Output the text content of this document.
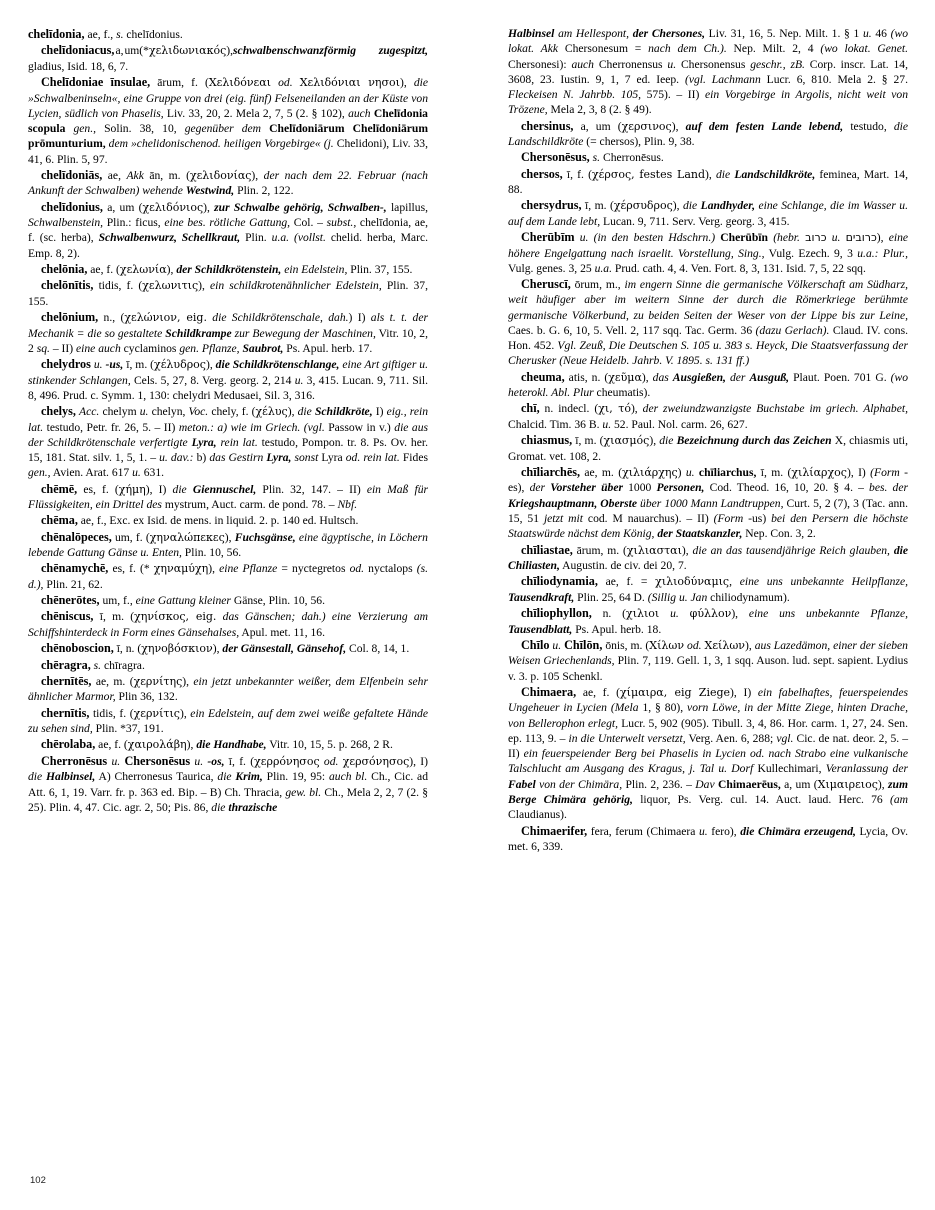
chelīdonia, ae, f., s. chelīdonius.

chelīdoniacus, a, um(*χελιδωνιακός),schwalbenschwanzförmig zugespitzt, gladius, Isid. 18, 6, 7.

Chelīdoniae īnsulae, ārum, f. (Χελιδόνεαι od. Χελιδόνιαι νησοι), die »Schwalbeninseln«, eine Gruppe von drei (eig. fünf) Felseneilanden an der Küste von Lycien, südlich von Phaselis, Liv. 33, 20, 2. Mela 2, 7, 5 (2. § 102), auch Chelīdonia scopula gen., Solin. 38, 10, gegenüber dem Chelīdoniārum Chelīdoniārum prōmunturium, dem »chelidonischenod. heiligen Vorgebirge« (j. Chelidoni), Liv. 33, 41, 6. Plin. 5, 97.

chelīdoniās, ae, Akk ān, m. (χελιδονίας), der nach dem 22. Februar (nach Ankunft der Schwalben) wehende Westwind, Plin. 2, 122.

chelīdonius, a, um (χελιδόνιος), zur Schwalbe gehörig, Schwalben-, lapillus, Schwalbenstein, Plin.: ficus, eine bes. rötliche Gattung, Col. – subst., chelīdonia, ae, f. (sc. herba), Schwalbenwurz, Schellkraut, Plin. u.a. (vollst. chelid. herba, Marc. Emp. 8, 2).

chelōnia, ae, f. (χελωνία), der Schildkrötenstein, ein Edelstein, Plin. 37, 155.

chelōnītis, tidis, f. (χελωνιτις), ein schildkrotenähnlicher Edelstein, Plin. 37, 155.

chelōnium, n., (χελώνιον, eig. die Schildkrötenschale, dah.) I) als t. t. der Mechanik = die so gestaltete Schildkrampe zur Bewegung der Maschinen, Vitr. 10, 2, 2 sq. – II) eine auch cyclaminos gen. Pflanze, Saubrot, Ps. Apul. herb. 17.

chelydros u. -us, ī, m. (χέλυδρος), die Schildkrötenschlange, eine Art giftiger u. stinkender Schlangen, Cels. 5, 27, 8. Verg. georg. 2, 214 u. 3, 415. Lucan. 9, 711. Sil. 8, 496. Prud. c. Symm. 1, 130: chelydri Medusaei, Sil. 3, 316.

chelys, Acc. chelym u. chelyn, Voc. chely, f. (χέλυς), die Schildkröte, I) eig., rein lat. testudo, Petr. fr. 26, 5. – II) meton.: a) wie im Griech. (vgl. Passow in v.) die aus der Schildkrötenschale verfertigte Lyra, rein lat. testudo, Pompon. tr. 8. Ps. Ov. her. 15, 181. Stat. silv. 1, 5, 1. – u. dav.: b) das Gestirn Lyra, sonst Lyra od. rein lat. Fides gen., Avien. Arat. 617 u. 631.

chēmē, es, f. (χήμη), I) die Giennuschel, Plin. 32, 147. – II) ein Maß für Flüssigkeiten, ein Drittel des mystrum, Auct. carm. de pond. 78. – Nbf.

chēma, ae, f., Exc. ex Isid. de mens. in liquid. 2. p. 140 ed. Hultsch.

chēnalōpeces, um, f. (χηναλώπεκες), Fuchsgänse, eine ägyptische, in Löchern lebende Gattung Gänse u. Enten, Plin. 10, 56.

chēnamychē, es, f. (* χηναμύχη), eine Pflanze = nyctegretos od. nyctalops (s. d.), Plin. 21, 62.

chēnerōtes, um, f., eine Gattung kleiner Gänse, Plin. 10, 56.

chēniscus, ī, m. (χηνίσκος, eig. das Gänschen; dah.) eine Verzierung am Schiffshinterdeck in Form eines Gänsehalses, Apul. met. 11, 16.

chēnoboscion, ī, n. (χηνοβόσκιον), der Gänsestall, Gänsehof, Col. 8, 14, 1.

chēragra, s. chīragra.

chernītēs, ae, m. (χερνίτης), ein jetzt unbekannter weißer, dem Elfenbein sehr ähnlicher Marmor, Plin 36, 132.

chernītis, tidis, f. (χερνίτις), ein Edelstein, auf dem zwei weiße gefaltete Hände zu sehen sind, Plin. *37, 191.

chērolaba, ae, f. (χαιρολάβη), die Handhabe, Vitr. 10, 15, 5. p. 268, 2 R.

Cherronēsus u. Chersonēsus u. -os, ī, f. (χερρόνησος od. χερσόνησος), I) die Halbinsel, A) Cherronesus Taurica, die Krim, Plin. 19, 95: auch bl. Ch., Cic. ad Att. 6, 1, 19. Varr. fr. p. 363 ed. Bip. – B) Ch. Thracia, gew. bl. Ch., Mela 2, 2, 7 (2. § 25). Plin. 4, 47. Cic. agr. 2, 50; Pis. 86, die thrazische

Halbinsel am Hellespont, der Chersones, Liv. 31, 16, 5. Nep. Milt. 1. § 1 u. 46 (wo lokat. Akk Chersonesum = nach dem Ch.). Nep. Milt. 2, 4 (wo lokat. Genet. Chersonesi): auch Cherronensus u. Chersonensus geschr., zB. Corp. inscr. Lat. 14, 3608, 23. Iustin. 9, 1, 7 ed. Ieep. (vgl. Lachmann Lucr. 6, 810. Mela 2. § 27. Fleckeisen N. Jahrbb. 105, 575). – II) ein Vorgebirge in Argolis, nicht weit von Trözene, Mela 2, 3, 8 (2. § 49).

chersinus, a, um (χερσινος), auf dem festen Lande lebend, testudo, die Landschildkröte (= chersos), Plin. 9, 38.

Chersonēsus, s. Cherronēsus.

chersos, ī, f. (χέρσος, festes Land), die Landschildkröte, feminea, Mart. 14, 88.

chersydrus, ī, m. (χέρσυδρος), die Landhyder, eine Schlange, die im Wasser u. auf dem Lande lebt, Lucan. 9, 711. Serv. Verg. georg. 3, 415.

Cherūbīm u. (in den besten Hdschrn.) Cherūbīn (hebr. כרוב u. כרובים), eine höhere Engelgattung nach israelit. Vorstellung, Sing., Vulg. Ezech. 9, 3 u.a.: Plur., Vulg. genes. 3, 25 u.a. Prud. cath. 4, 4. Ven. Fort. 8, 3, 131. Isid. 7, 5, 22 sqq.

Cheruscī, ōrum, m., im engern Sinne die germanische Völkerschaft am Südharz, weit häufiger aber im weitern Sinne der durch die Römerkriege berühmte germanische Völkerbund, zu beiden Seiten der Weser von der Lippe bis zur Leine, Caes. b. G. 6, 10, 5. Vell. 2, 117 sqq. Tac. Germ. 36 (dazu Gerlach). Claud. IV. cons. Hon. 452. Vgl. Zeuß, Die Deutschen S. 105 u. 383 s. Heyck, Die Staatsverfassung der Cherusker (Neue Heidelb. Jahrb. V. 1895. s. 131 ff.)

cheuma, atis, n. (χεῦμα), das Ausgießen, der Ausguß, Plaut. Poen. 701 G. (wo heterokl. Abl. Plur cheumatis).

chī, n. indecl. (χι, τό), der zweiundzwanzigste Buchstabe im griech. Alphabet, Chalcid. Tim. 36 B. u. 52. Paul. Nol. carm. 26, 627.

chiasmus, ī, m. (χιασμός), die Bezeichnung durch das Zeichen X, chiasmis uti, Gromat. vet. 108, 2.

chīliarchēs, ae, m. (χιλιάρχης) u. chīliarchus, ī, m. (χιλίαρχος), I) (Form -es), der Vorsteher über 1000 Personen, Cod. Theod. 16, 10, 20. § 4. – bes. der Kriegshauptmann, Oberste über 1000 Mann Landtruppen, Curt. 5, 2 (7), 3 (Tac. ann. 15, 51 jetzt mit cod. M nauarchus). – II) (Form -us) bei den Persern die höchste Staatswürde nächst dem König, der Staatskanzler, Nep. Con. 3, 2.

chīliastae, ārum, m. (χιλιασται), die an das tausendjährige Reich glauben, die Chiliasten, Augustin. de civ. dei 20, 7.

chīliodynamia, ae, f. = χιλιοδύναμις, eine uns unbekannte Heilpflanze, Tausendkraft, Plin. 25, 64 D. (Sillig u. Jan chiliodynamum).

chīliophyllon, n. (χιλιοι u. φύλλον), eine uns unbekannte Pflanze, Tausendblatt, Ps. Apul. herb. 18.

Chīlo u. Chīlōn, ōnis, m. (Χίλων od. Χείλων), aus Lazedämon, einer der sieben Weisen Griechenlands, Plin. 7, 119. Gell. 1, 3, 1 sqq. Auson. lud. sept. sapient. Lydius v. 3. p. 105 Schenkl.

Chimaera, ae, f. (χίμαιρα, eig Ziege), I) ein fabelhaftes, feuerspeiendes Ungeheuer in Lycien (Mela 1, § 80), vorn Löwe, in der Mitte Ziege, hinten Drache, von Bellerophon erlegt, Lucr. 5, 902 (905). Tibull. 3, 4, 86. Hor. carm. 1, 27, 24. Sen. ep. 113, 9. – in die Unterwelt versetzt, Verg. Aen. 6, 288; vgl. Cic. de nat. deor. 2, 5. – II) ein feuerspeiender Berg bei Phaselis in Lycien od. nach Strabo eine vulkanische Talschlucht am Ausgang des Kragus, j. Tal u. Dorf Kullechimari, Veranlassung der Fabel von der Chimära, Plin. 2, 236. – Dav Chimaerēus, a, um (Χιμαιρειος), zum Berge Chimära gehörig, liquor, Ps. Verg. cul. 14. Auct. laud. Herc. 76 (am Claudianus).

Chimaerifer, fera, ferum (Chimaera u. fero), die Chimära erzeugend, Lycia, Ov. met. 6, 339.

102
